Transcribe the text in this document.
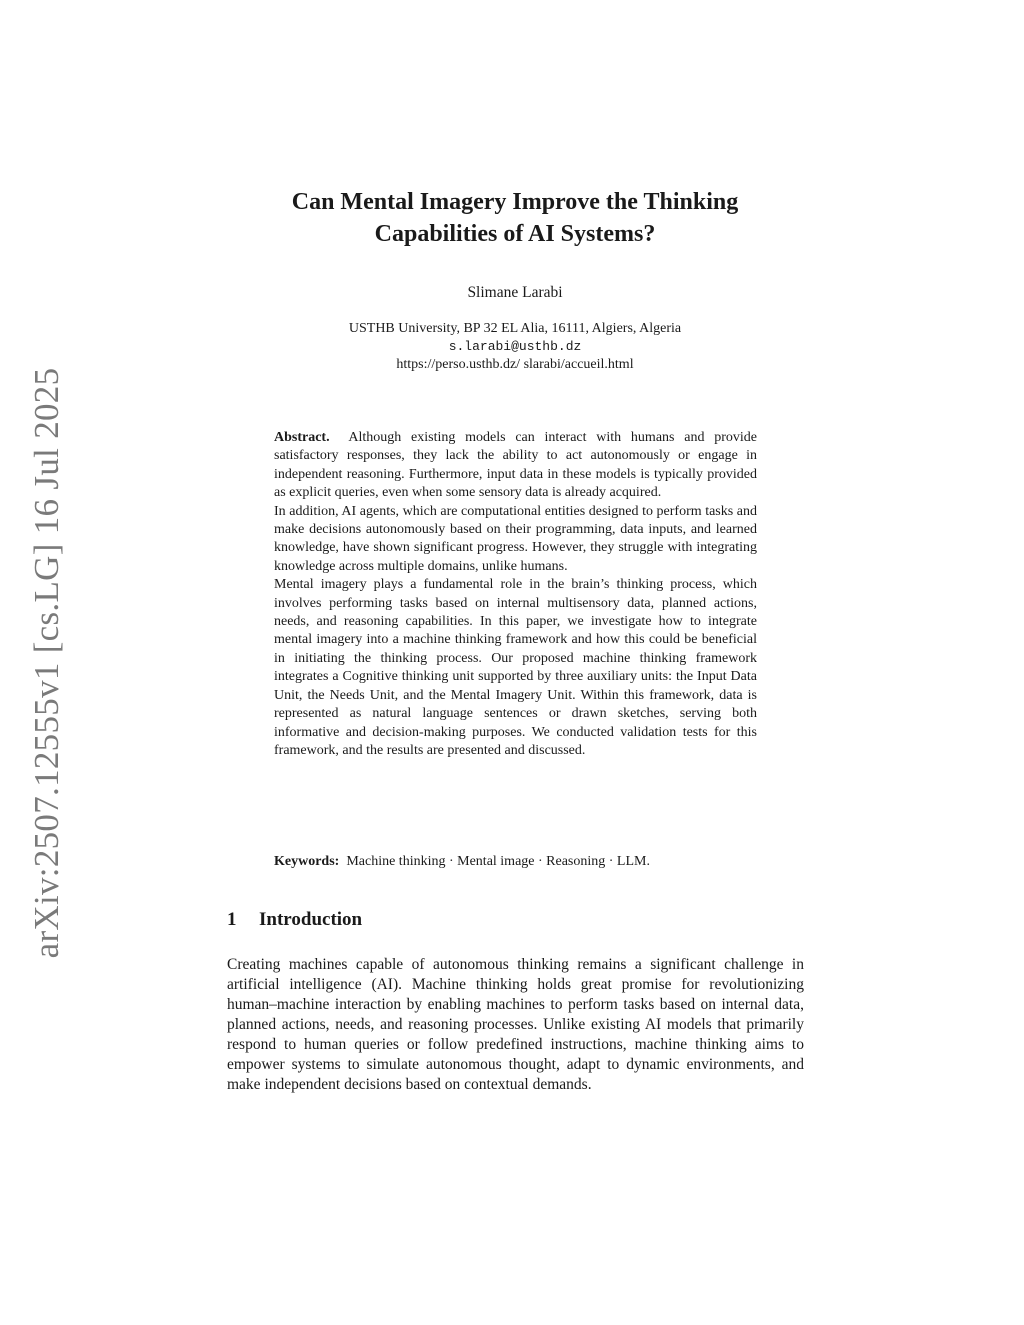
arXiv:2507.12555v1 [cs.LG] 16 Jul 2025
Can Mental Imagery Improve the Thinking
Capabilities of AI Systems?
Slimane Larabi
USTHB University, BP 32 EL Alia, 16111, Algiers, Algeria
s.larabi@usthb.dz
https://perso.usthb.dz/ slarabi/accueil.html

Abstract. Although existing models can interact with humans and provide satisfactory responses, they lack the ability to act autonomously or engage in independent reasoning. Furthermore, input data in these models is typically provided as explicit queries, even when some sensory data is already acquired.

In addition, AI agents, which are computational entities designed to perform tasks and make decisions autonomously based on their programming, data inputs, and learned knowledge, have shown significant progress. However, they struggle with integrating knowledge across multiple domains, unlike humans.

Mental imagery plays a fundamental role in the brain’s thinking process, which involves performing tasks based on internal multisensory data, planned actions, needs, and reasoning capabilities. In this paper, we investigate how to integrate mental imagery into a machine thinking framework and how this could be beneficial in initiating the thinking process. Our proposed machine thinking framework integrates a Cognitive thinking unit supported by three auxiliary units: the Input Data Unit, the Needs Unit, and the Mental Imagery Unit. Within this framework, data is represented as natural language sentences or drawn sketches, serving both informative and decision-making purposes. We conducted validation tests for this framework, and the results are presented and discussed.

Keywords: Machine thinking · Mental image · Reasoning · LLM.
1 Introduction

Creating machines capable of autonomous thinking remains a significant challenge in artificial intelligence (AI). Machine thinking holds great promise for revolutionizing human–machine interaction by enabling machines to perform tasks based on internal data, planned actions, needs, and reasoning processes. Unlike existing AI models that primarily respond to human queries or follow predefined instructions, machine thinking aims to empower systems to simulate autonomous thought, adapt to dynamic environments, and make independent decisions based on contextual demands.
